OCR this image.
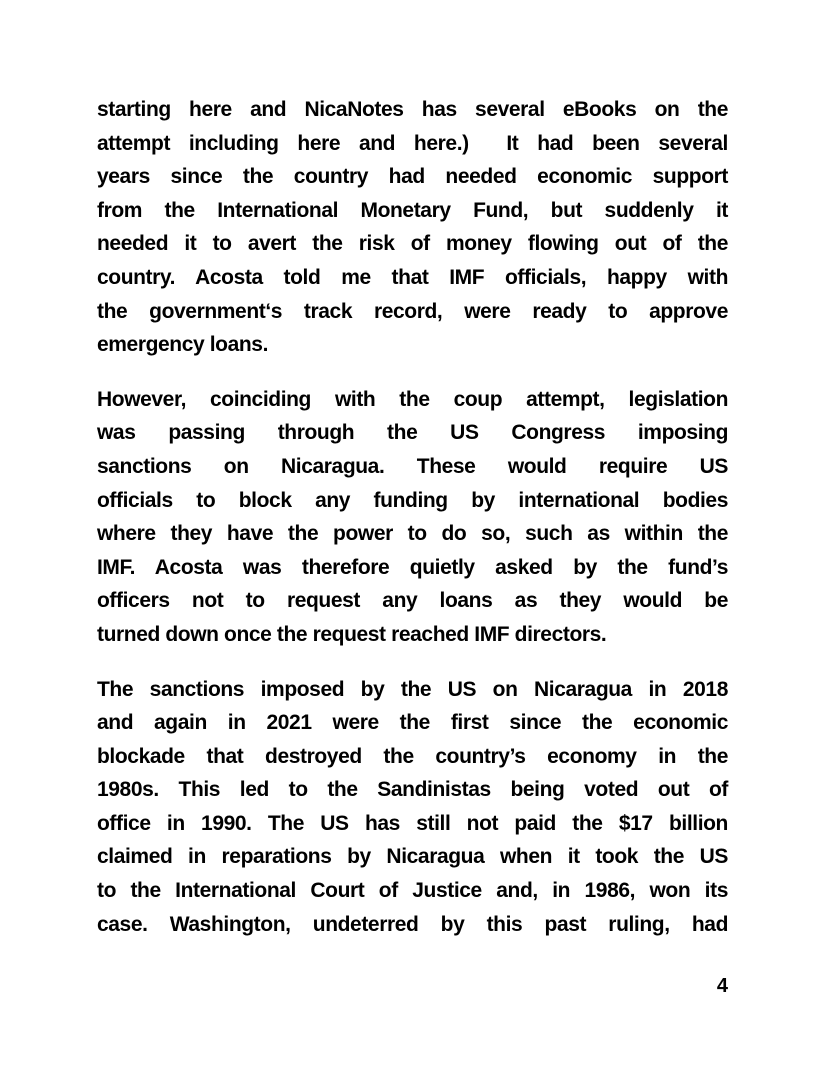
starting here and NicaNotes has several eBooks on the
attempt including here and here.)  It had been several
years since the country had needed economic support
from the International Monetary Fund, but suddenly it
needed it to avert the risk of money flowing out of the
country. Acosta told me that IMF officials, happy with
the government‘s track record, were ready to approve
emergency loans.
However, coinciding with the coup attempt, legislation
was passing through the US Congress imposing
sanctions on Nicaragua. These would require US
officials to block any funding by international bodies
where they have the power to do so, such as within the
IMF. Acosta was therefore quietly asked by the fund’s
officers not to request any loans as they would be
turned down once the request reached IMF directors.
The sanctions imposed by the US on Nicaragua in 2018
and again in 2021 were the first since the economic
blockade that destroyed the country’s economy in the
1980s. This led to the Sandinistas being voted out of
office in 1990. The US has still not paid the $17 billion
claimed in reparations by Nicaragua when it took the US
to the International Court of Justice and, in 1986, won its
case. Washington, undeterred by this past ruling, had
4
